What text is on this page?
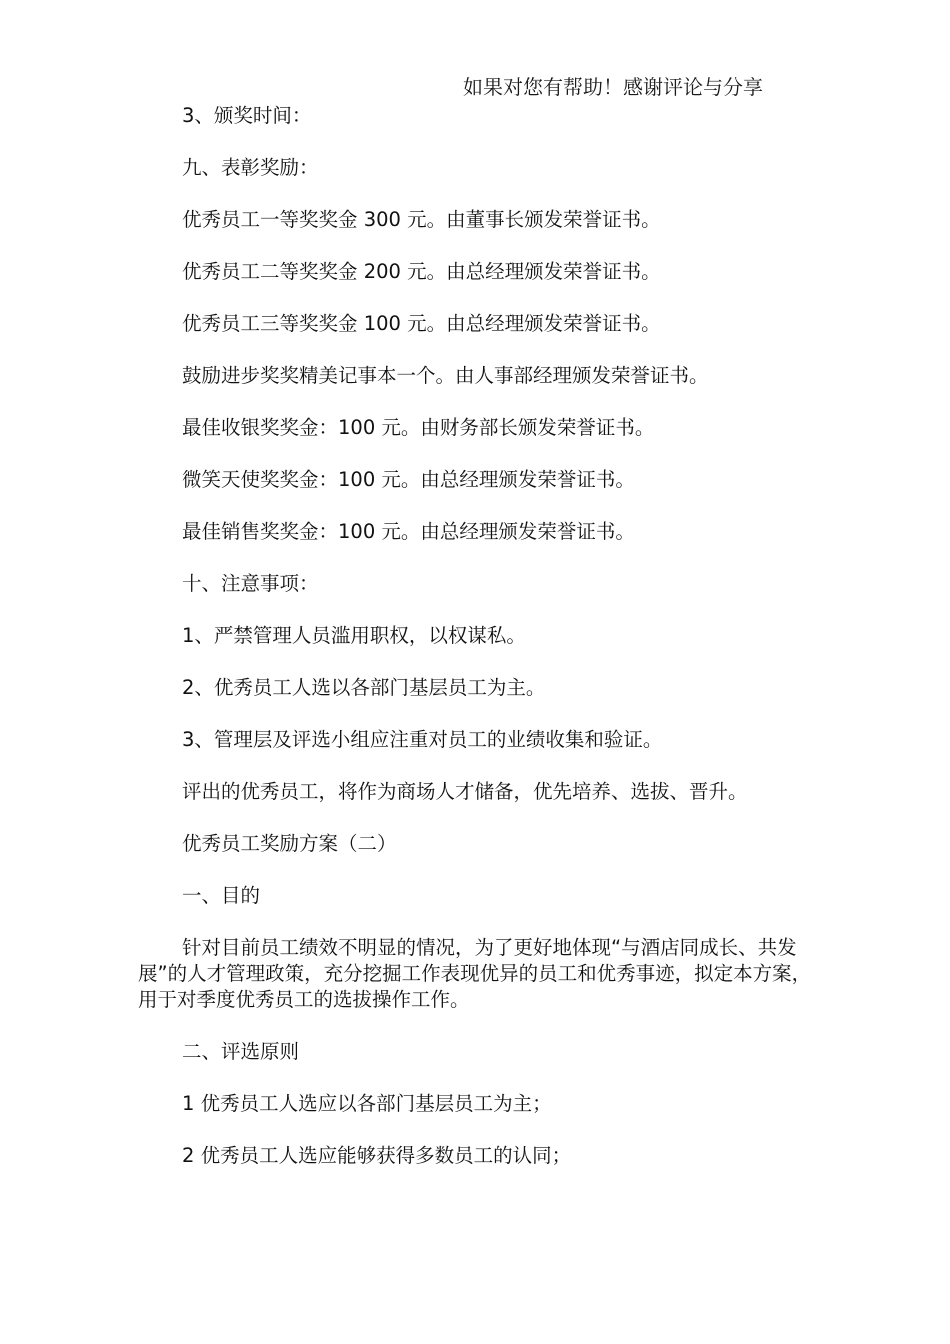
如果对您有帮助！感谢评论与分享

3、颁奖时间：

九、表彰奖励：

优秀员工一等奖奖金 300 元。由董事长颁发荣誉证书。

优秀员工二等奖奖金 200 元。由总经理颁发荣誉证书。

优秀员工三等奖奖金 100 元。由总经理颁发荣誉证书。

鼓励进步奖奖精美记事本一个。由人事部经理颁发荣誉证书。

最佳收银奖奖金：100 元。由财务部长颁发荣誉证书。

微笑天使奖奖金：100 元。由总经理颁发荣誉证书。

最佳销售奖奖金：100 元。由总经理颁发荣誉证书。

十、注意事项：

1、严禁管理人员滥用职权，以权谋私。

2、优秀员工人选以各部门基层员工为主。

3、管理层及评选小组应注重对员工的业绩收集和验证。

评出的优秀员工，将作为商场人才储备，优先培养、选拔、晋升。

优秀员工奖励方案（二）

一、目的

针对目前员工绩效不明显的情况，为了更好地体现“与酒店同成长、共发展”的人才管理政策，充分挖掘工作表现优异的员工和优秀事迹，拟定本方案，用于对季度优秀员工的选拔操作工作。

二、评选原则

1 优秀员工人选应以各部门基层员工为主；

2 优秀员工人选应能够获得多数员工的认同；
